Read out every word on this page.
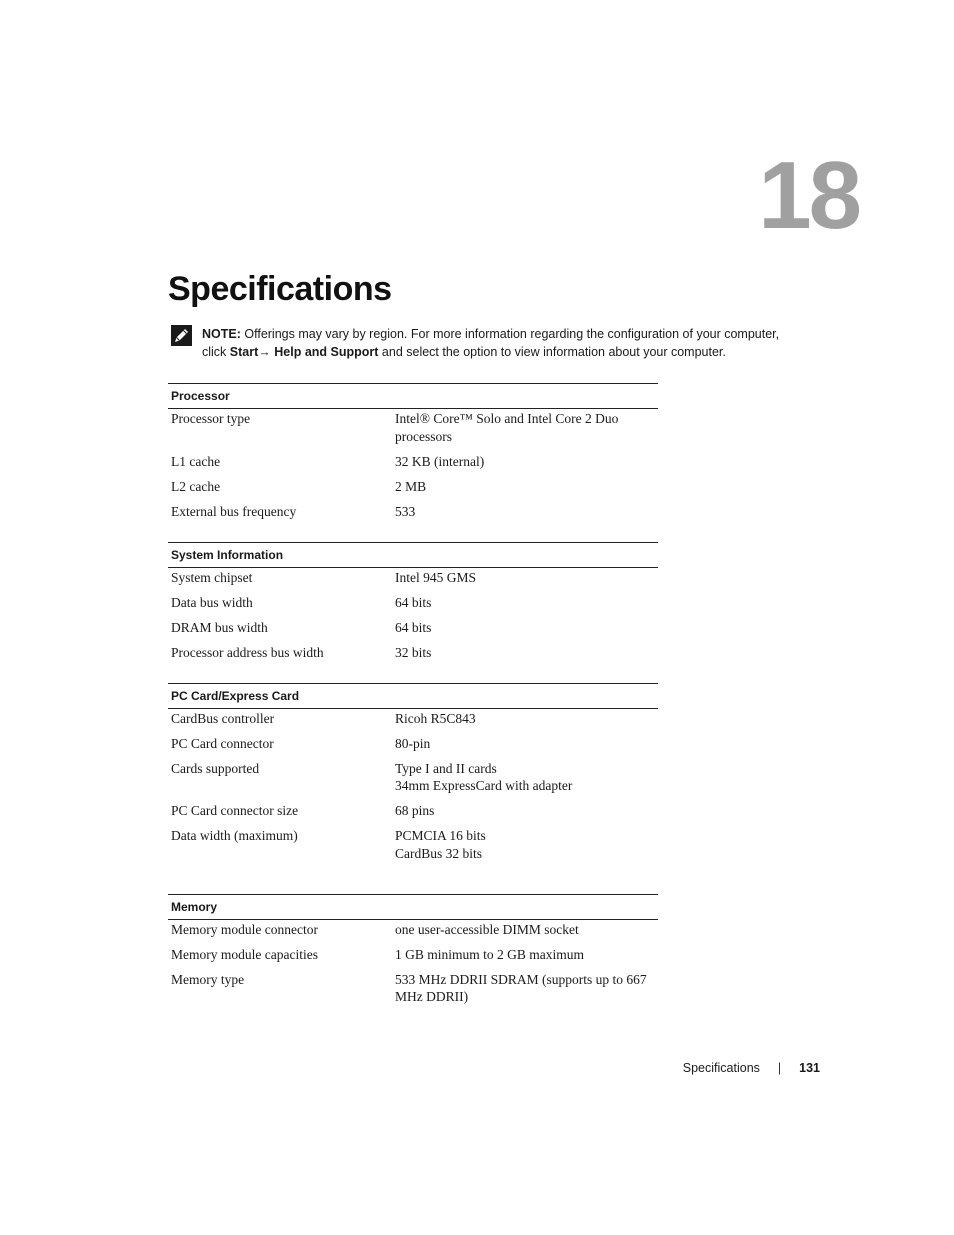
18
Specifications
NOTE: Offerings may vary by region. For more information regarding the configuration of your computer,
click Start→ Help and Support and select the option to view information about your computer.
Processor
Processor type	Intel® Core™ Solo and Intel Core 2 Duo processors
L1 cache	32 KB (internal)
L2 cache	2 MB
External bus frequency	533
System Information
System chipset	Intel 945 GMS
Data bus width	64 bits
DRAM bus width	64 bits
Processor address bus width	32 bits
PC Card/Express Card
CardBus controller	Ricoh R5C843
PC Card connector	80-pin
Cards supported	Type I and II cards
34mm ExpressCard with adapter
PC Card connector size	68 pins
Data width (maximum)	PCMCIA 16 bits
CardBus 32 bits
Memory
Memory module connector	one user-accessible DIMM socket
Memory module capacities	1 GB minimum to 2 GB maximum
Memory type	533 MHz DDRII SDRAM (supports up to 667 MHz DDRII)
Specifications | 131
